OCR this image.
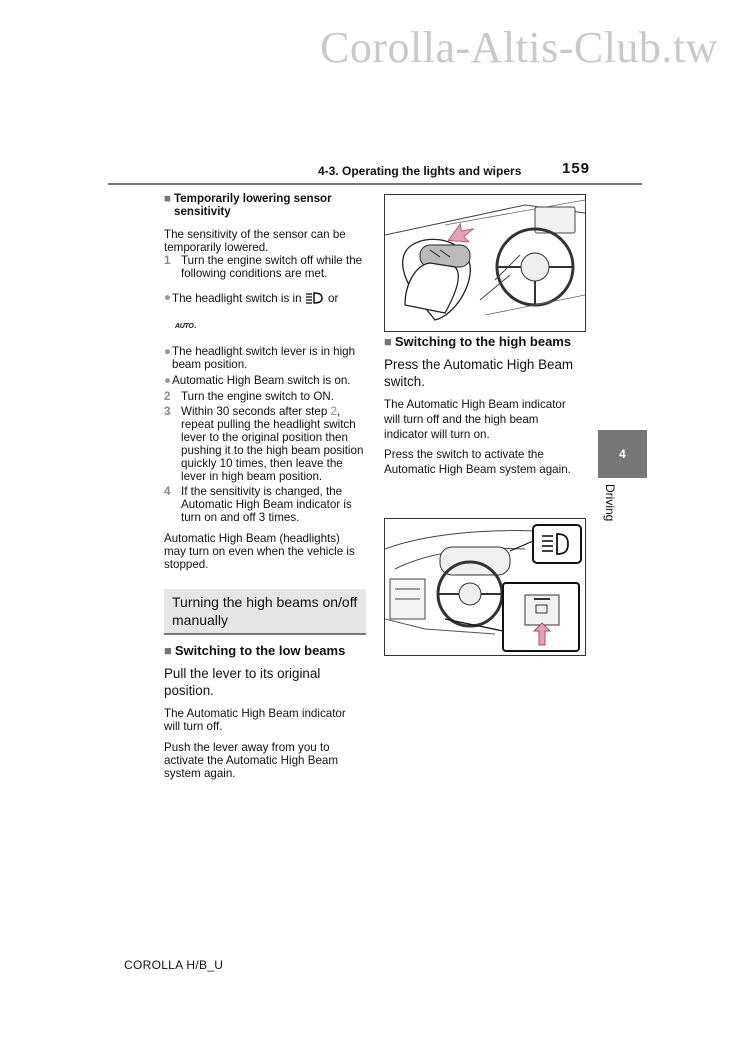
Corolla-Altis-Club.tw
4-3. Operating the lights and wipers	159
■ Temporarily lowering sensor sensitivity

The sensitivity of the sensor can be temporarily lowered.

1 Turn the engine switch off while the following conditions are met.
● The headlight switch is in or
AUTO.
● The headlight switch lever is in high beam position.
● Automatic High Beam switch is on.
2 Turn the engine switch to ON.
3 Within 30 seconds after step 2, repeat pulling the headlight switch lever to the original position then pushing it to the high beam position quickly 10 times, then leave the lever in high beam position.
4 If the sensitivity is changed, the Automatic High Beam indicator is turn on and off 3 times.

Automatic High Beam (headlights) may turn on even when the vehicle is stopped.

Turning the high beams on/off manually
■ Switching to the low beams

Pull the lever to its original position.

The Automatic High Beam indicator will turn off.

Push the lever away from you to activate the Automatic High Beam system again.

■ Switching to the high beams

Press the Automatic High Beam switch.

The Automatic High Beam indicator will turn off and the high beam indicator will turn on.

Press the switch to activate the Automatic High Beam system again.

4
Driving
COROLLA H/B_U
